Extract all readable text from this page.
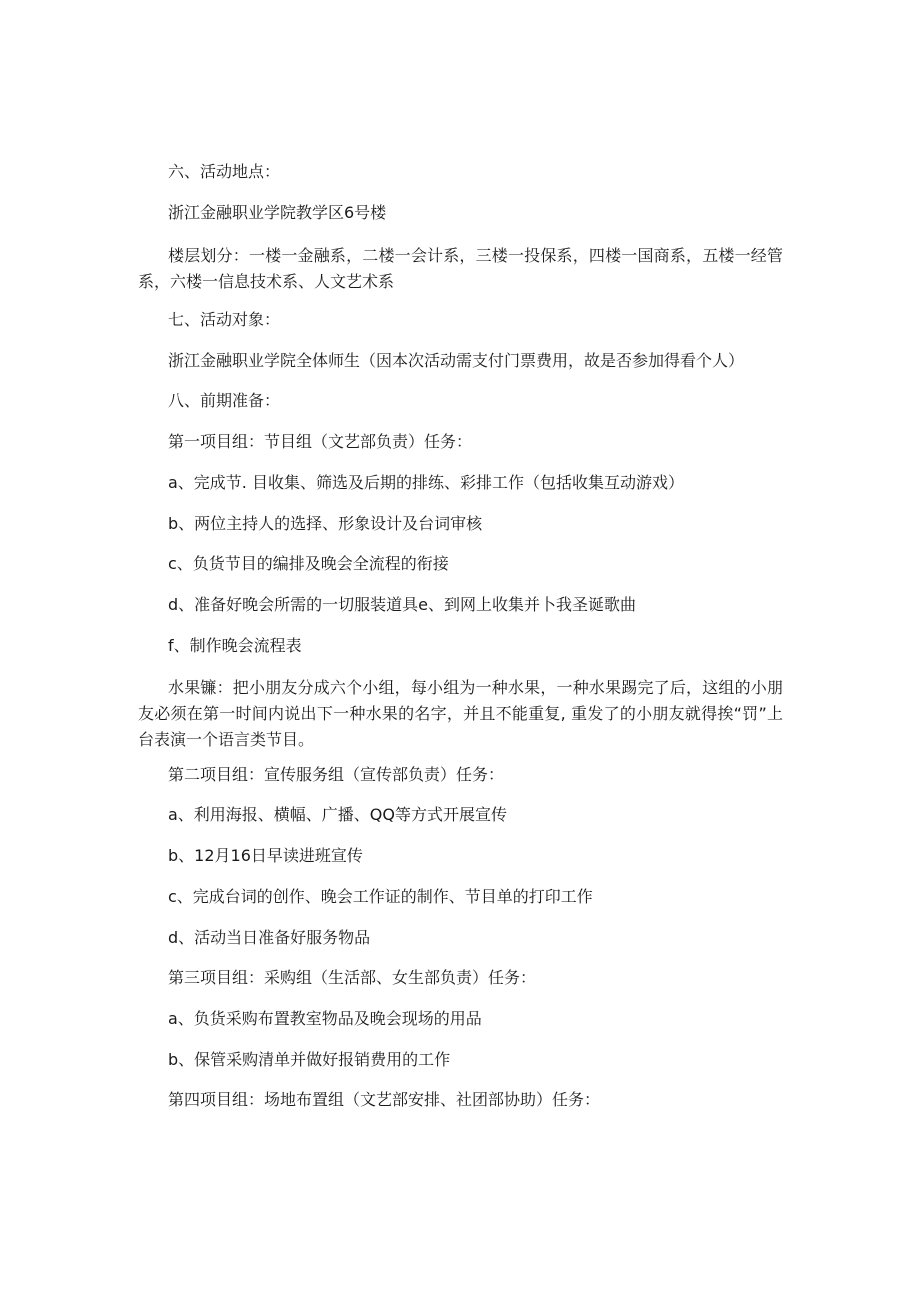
六、活动地点：

浙江金融职业学院教学区6号楼

楼层划分：一楼一金融系，二楼一会计系，三楼一投保系，四楼一国商系，五楼一经管系，六楼一信息技术系、人文艺术系

七、活动对象：

浙江金融职业学院全体师生（因本次活动需支付门票费用，故是否参加得看个人）

八、前期准备：

第一项目组：节目组（文艺部负责）任务：

a、完成节. 目收集、筛选及后期的排练、彩排工作（包括收集互动游戏）

b、两位主持人的选择、形象设计及台词审核

c、负货节目的编排及晚会全流程的衔接

d、准备好晚会所需的一切服装道具e、到网上收集并卜我圣诞歌曲

f、制作晚会流程表

水果镰：把小朋友分成六个小组，每小组为一种水果，一种水果踢完了后，这组的小朋友必须在第一时间内说出下一种水果的名字，并且不能重复, 重发了的小朋友就得挨“罚”上台表演一个语言类节目。

第二项目组：宣传服务组（宣传部负责）任务：

a、利用海报、横幅、广播、QQ等方式开展宣传

b、12月16日早读进班宣传

c、完成台词的创作、晚会工作证的制作、节目单的打印工作

d、活动当日准备好服务物品

第三项目组：采购组（生活部、女生部负责）任务：

a、负货采购布置教室物品及晚会现场的用品

b、保管采购清单并做好报销费用的工作

第四项目组：场地布置组（文艺部安排、社团部协助）任务：
